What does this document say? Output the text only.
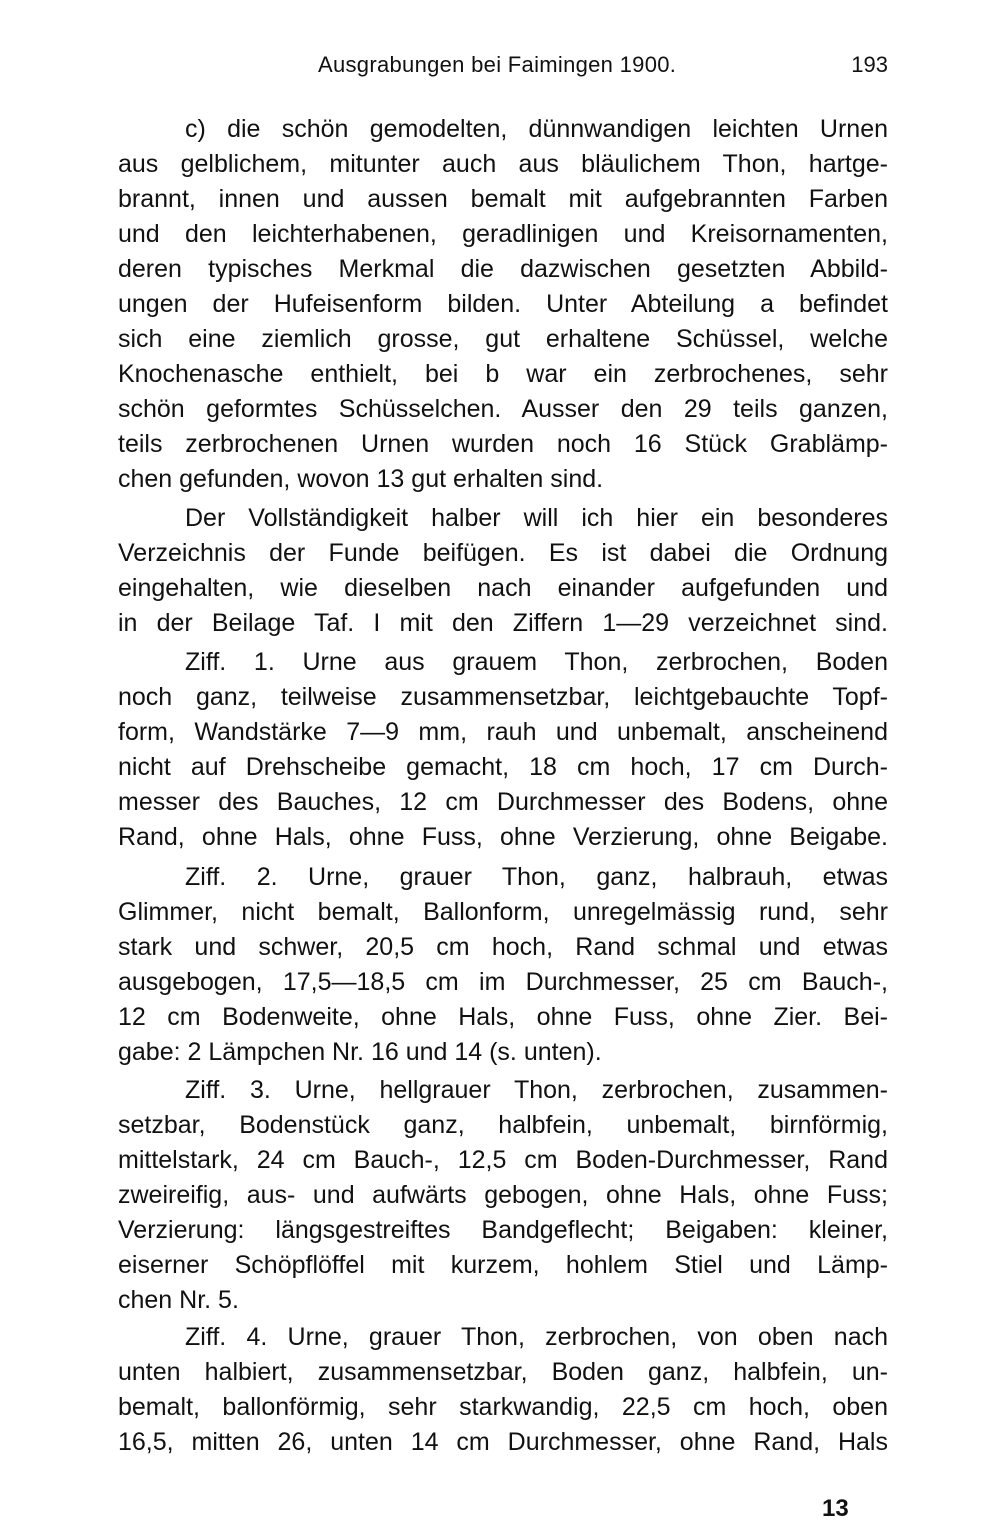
Ausgrabungen bei Faimingen 1900.	193
c) die schön gemodelten, dünnwandigen leichten Urnen
aus gelblichem, mitunter auch aus bläulichem Thon, hartge-
brannt, innen und aussen bemalt mit aufgebrannten Farben
und den leichterhabenen, geradlinigen und Kreisornamenten,
deren typisches Merkmal die dazwischen gesetzten Abbild-
ungen der Hufeisenform bilden. Unter Abteilung a befindet
sich eine ziemlich grosse, gut erhaltene Schüssel, welche
Knochenasche enthielt, bei b war ein zerbrochenes, sehr
schön geformtes Schüsselchen. Ausser den 29 teils ganzen,
teils zerbrochenen Urnen wurden noch 16 Stück Grablämp-
chen gefunden, wovon 13 gut erhalten sind.
Der Vollständigkeit halber will ich hier ein besonderes
Verzeichnis der Funde beifügen. Es ist dabei die Ordnung
eingehalten, wie dieselben nach einander aufgefunden und
in der Beilage Taf. I mit den Ziffern 1—29 verzeichnet sind.
Ziff. 1. Urne aus grauem Thon, zerbrochen, Boden
noch ganz, teilweise zusammensetzbar, leichtgebauchte Topf-
form, Wandstärke 7—9 mm, rauh und unbemalt, anscheinend
nicht auf Drehscheibe gemacht, 18 cm hoch, 17 cm Durch-
messer des Bauches, 12 cm Durchmesser des Bodens, ohne
Rand, ohne Hals, ohne Fuss, ohne Verzierung, ohne Beigabe.
Ziff. 2. Urne, grauer Thon, ganz, halbrauh, etwas
Glimmer, nicht bemalt, Ballonform, unregelmässig rund, sehr
stark und schwer, 20,5 cm hoch, Rand schmal und etwas
ausgebogen, 17,5—18,5 cm im Durchmesser, 25 cm Bauch-,
12 cm Bodenweite, ohne Hals, ohne Fuss, ohne Zier. Bei-
gabe: 2 Lämpchen Nr. 16 und 14 (s. unten).
Ziff. 3. Urne, hellgrauer Thon, zerbrochen, zusammen-
setzbar, Bodenstück ganz, halbfein, unbemalt, birnförmig,
mittelstark, 24 cm Bauch-, 12,5 cm Boden-Durchmesser, Rand
zweireifig, aus- und aufwärts gebogen, ohne Hals, ohne Fuss;
Verzierung: längsgestreiftes Bandgeflecht; Beigaben: kleiner,
eiserner Schöpflöffel mit kurzem, hohlem Stiel und Lämp-
chen Nr. 5.
Ziff. 4. Urne, grauer Thon, zerbrochen, von oben nach
unten halbiert, zusammensetzbar, Boden ganz, halbfein, un-
bemalt, ballonförmig, sehr starkwandig, 22,5 cm hoch, oben
16,5, mitten 26, unten 14 cm Durchmesser, ohne Rand, Hals
13
